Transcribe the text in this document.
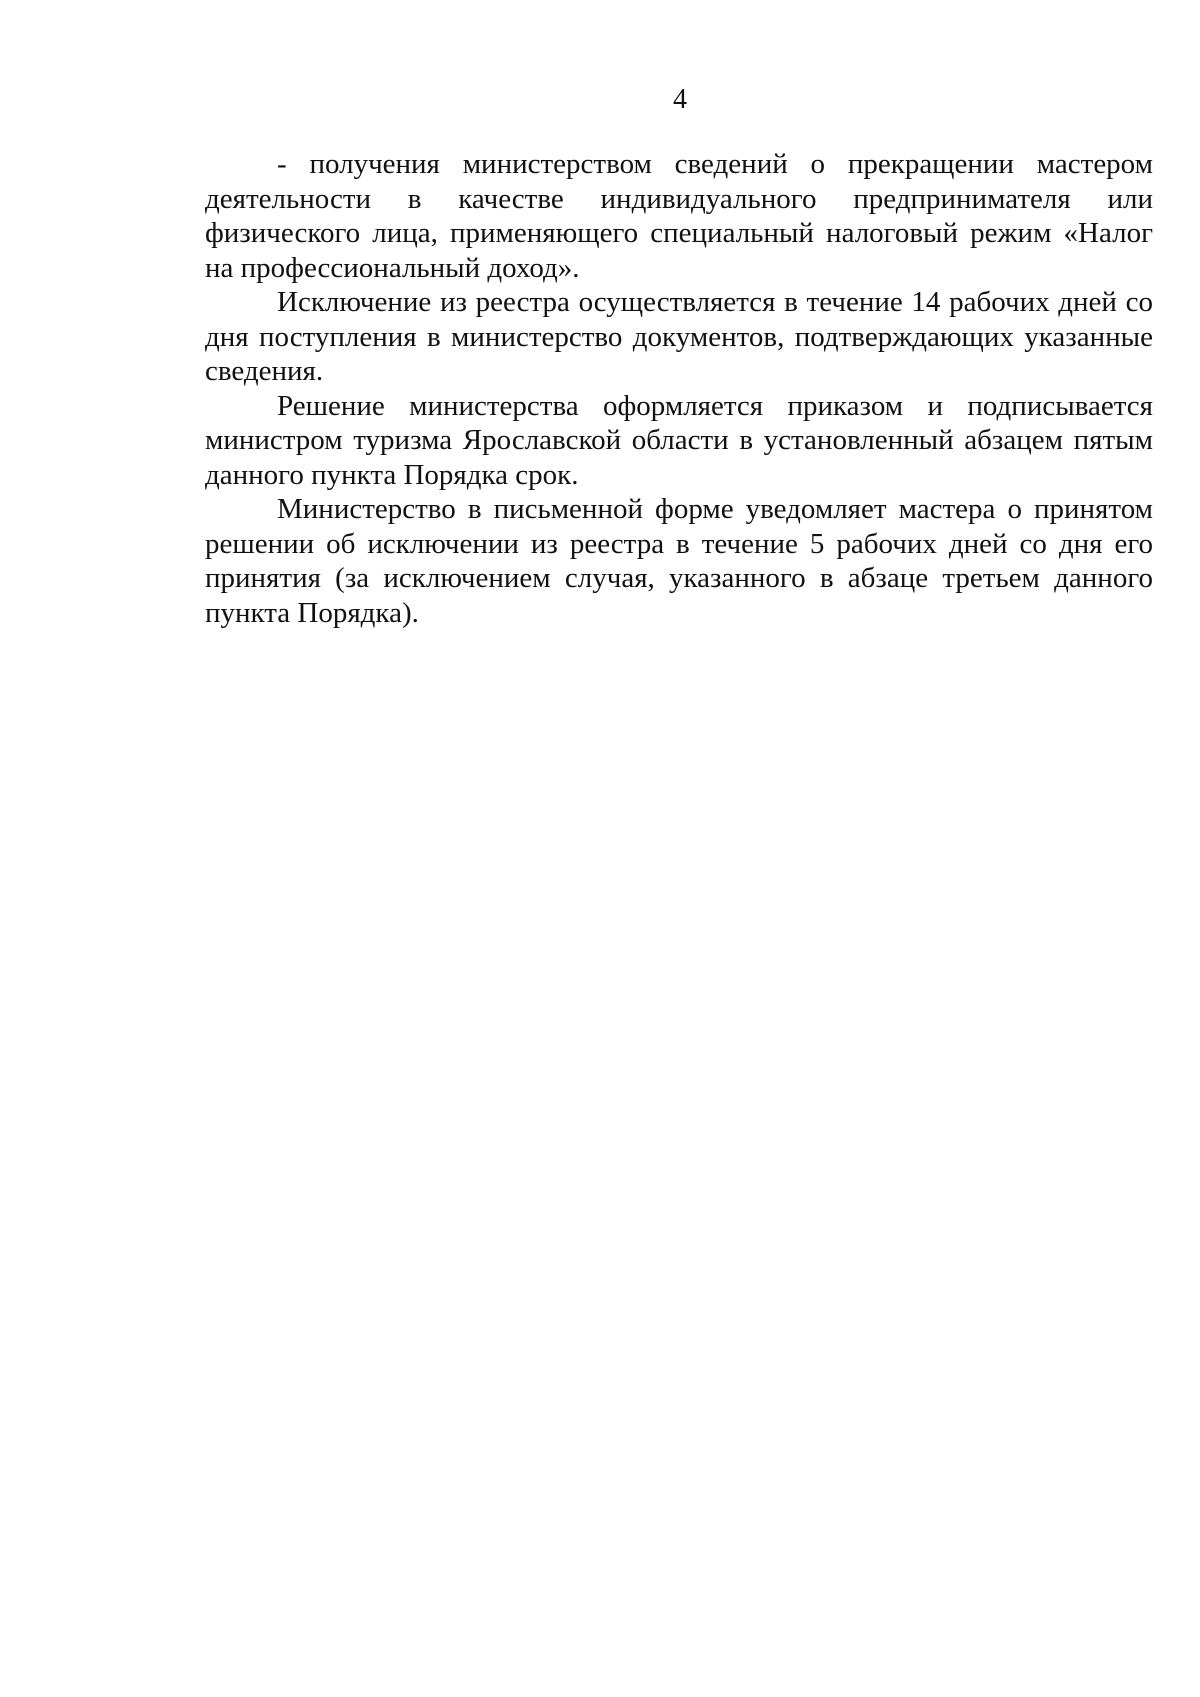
4

- получения министерством сведений о прекращении мастером деятельности в качестве индивидуального предпринимателя или физического лица, применяющего специальный налоговый режим «Налог на профессиональный доход».

Исключение из реестра осуществляется в течение 14 рабочих дней со дня поступления в министерство документов, подтверждающих указанные сведения.

Решение министерства оформляется приказом и подписывается министром туризма Ярославской области в установленный абзацем пятым данного пункта Порядка срок.

Министерство в письменной форме уведомляет мастера о принятом решении об исключении из реестра в течение 5 рабочих дней со дня его принятия (за исключением случая, указанного в абзаце третьем данного пункта Порядка).
